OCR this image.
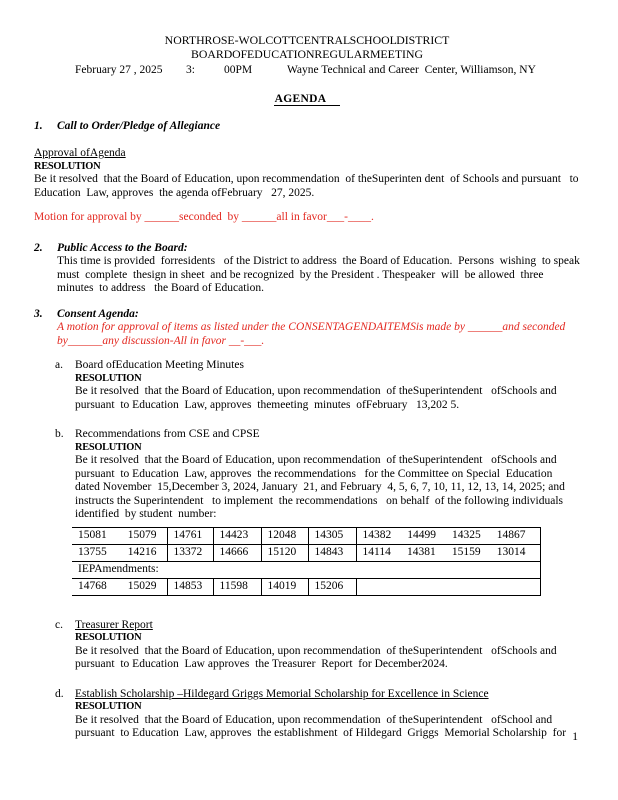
NORTH ROSE-WOLCOTT CENTRAL SCHOOL DISTRICT
BOARD OF EDUCATION REGULAR MEETING
February 27 , 2025 3:	00PM	Wayne Technical and Career  Center, Williamson, NY
AGENDA
1.	Call to Order/Pledge of Allegiance
Approval ofAgenda
RESOLUTION
Be it resolved  that the Board of Education, upon recommendation  of theSuperinten dent  of Schools and pursuant   to Education  Law, approves  the agenda ofFebruary   27, 2025.
Motion for approval by ______seconded  by ______all in favor___-____.
2.	Public Access to the Board:
This time is provided  forresidents   of the District to address  the Board of Education.  Persons  wishing  to speak  must  complete  thesign in sheet  and be recognized  by the President . Thespeaker  will  be allowed  three minutes  to address   the Board of Education.
3.	Consent Agenda:
A motion for approval of items as listed under the CONSENTAGENDAITEMSis made by ______and seconded by______any discussion-All in favor __-___.
a.	Board ofEducation Meeting Minutes
RESOLUTION
Be it resolved  that the Board of Education, upon recommendation  of theSuperintendent   ofSchools and pursuant  to Education  Law, approves  themeeting  minutes  ofFebruary   13,202 5.
b. Recommendations from CSE and CPSE
RESOLUTION
Be it resolved  that the Board of Education, upon recommendation  of theSuperintendent   ofSchools and pursuant  to Education  Law, approves  the recommendations   for the Committee on Special  Education  dated November  15,December 3, 2024, January  21, and February  4, 5, 6, 7, 10, 11, 12, 13, 14, 2025; and instructs the Superintendent   to implement  the recommendations   on behalf  of the following individuals  identified  by student  number:
15081 15079	14761	14423	12048	14305	14382 14499 14325 14867

13755 14216	13372	14666	15120	14843	14114 14381 15159 13014

IEPAmendments:					

14768 15029	14853	11598	14019	15206	
c.	Treasurer Report
RESOLUTION
Be it resolved  that the Board of Education, upon recommendation  of theSuperintendent   ofSchools and pursuant  to Education  Law approves  the Treasurer  Report  for December2024.
d. Establish Scholarship –Hildegard Griggs Memorial Scholarship for Excellence in Science
RESOLUTION
Be it resolved  that the Board of Education, upon recommendation  of theSuperintendent   ofSchool and pursuant  to Education  Law, approves  the establishment  of Hildegard  Griggs  Memorial Scholarship  for 1
